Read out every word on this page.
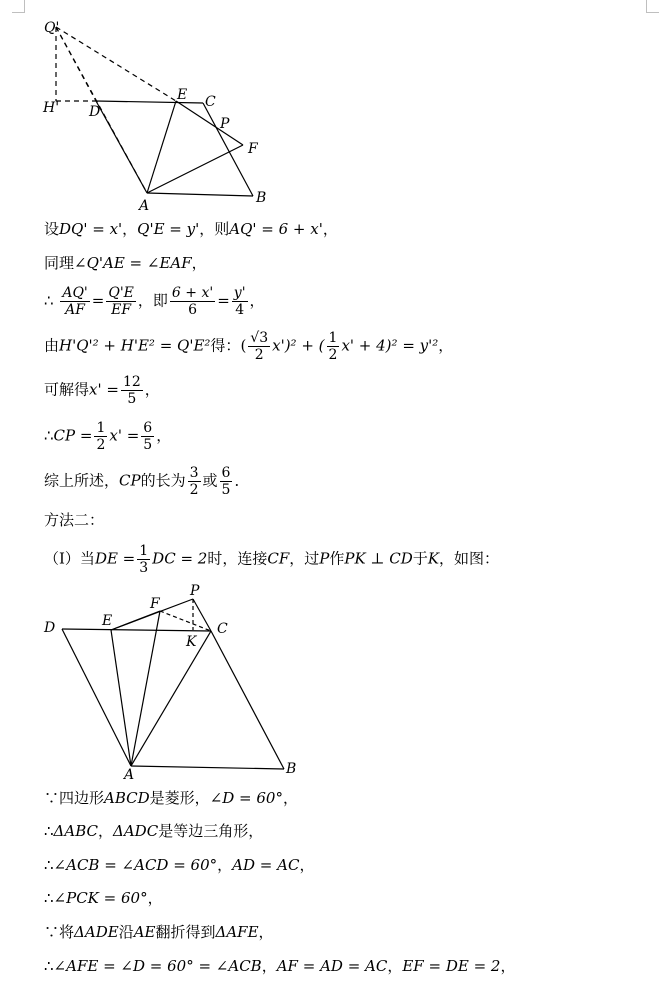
Q'
H' D
E C
P
F
A	B
设DQ' = x'，Q'E = y'，则AQ' = 6 + x'，
同理∠Q'AE = ∠EAF，
∴ $\frac{AQ'}{AF} = \frac{Q'E}{EF}$ ，即 $\frac{6 + x'}{6} = \frac{y'}{4}$ ，
由H'Q'² + H'E² = Q'E²得：( $\frac{√3}{2} x')^2$ + ( $\frac{1}{2} x' + 4)^2 = y'^2$，
可解得$x' = \frac{12}{5}$ ，
∴CP = $\frac{1}{2} x' = \frac{6}{5}$ ，
综上所述，CP的长为 $\frac{3}{2}$ 或 $\frac{6}{5}$ ．
方法二：
（Ⅰ）当DE = $\frac{1}{3}$ DC = 2时，连接CF，过P作PK ⊥ CD于K，如图：
D	E
F
P
C
K
A	B
∵四边形ABCD是菱形，∠D = 60°，
∴ΔABC，ΔADC是等边三角形，
∴∠ACB = ∠ACD = 60°，AD = AC，
∴∠PCK = 60°，
∵将ΔADE沿AE翻折得到ΔAFE，
∴∠AFE = ∠D = 60° = ∠ACB，AF = AD = AC，EF = DE = 2，
